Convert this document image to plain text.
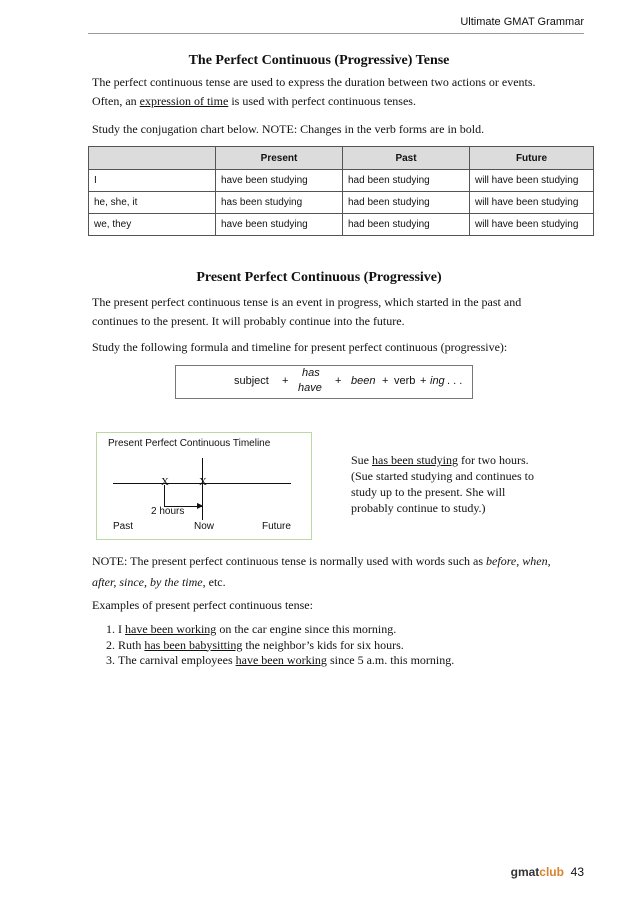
Ultimate GMAT Grammar
The Perfect Continuous (Progressive) Tense
The perfect continuous tense are used to express the duration between two actions or events.
Often, an expression of time is used with perfect continuous tenses.
Study the conjugation chart below. NOTE: Changes in the verb forms are in bold.
	Present	Past	Future
I	have been studying	had been studying	will have been studying
he, she, it	has been studying	had been studying	will have been studying
we, they	have been studying	had been studying	will have been studying
Present Perfect Continuous (Progressive)
The present perfect continuous tense is an event in progress, which started in the past and
continues to the present. It will probably continue into the future.
Study the following formula and timeline for present perfect continuous (progressive):
subject +
has
have
+ been + verb + ing . . .
Present Perfect Continuous Timeline
▶
X	X
2 hours
Past	Now	Future
Sue has been studying for two hours.
(Sue started studying and continues to
study up to the present. She will
probably continue to study.)
NOTE: The present perfect continuous tense is normally used with words such as before, when,
after, since, by the time, etc.
Examples of present perfect continuous tense:
1. I have been working on the car engine since this morning.
2. Ruth has been babysitting the neighbor’s kids for six hours.
3. The carnival employees have been working since 5 a.m. this morning.
gmatclub 43
